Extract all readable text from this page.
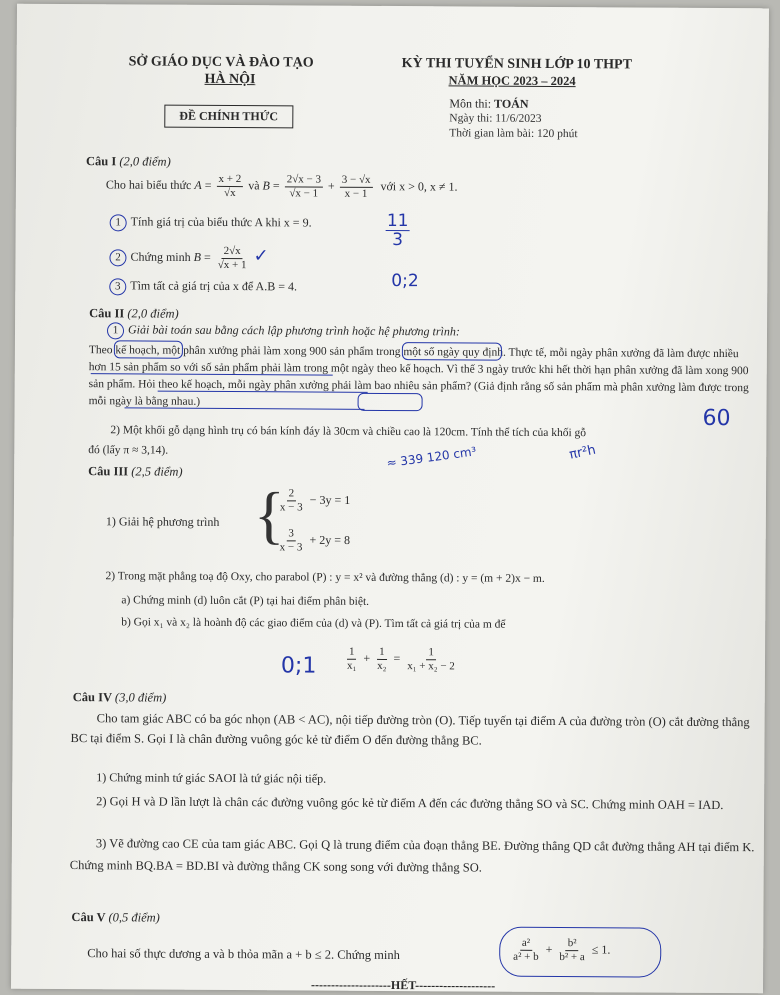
SỞ GIÁO DỤC VÀ ĐÀO TẠO
HÀ NỘI
ĐỀ CHÍNH THỨC
KỲ THI TUYỂN SINH LỚP 10 THPT
NĂM HỌC 2023 – 2024
Môn thi: TOÁN
Ngày thi: 11/6/2023
Thời gian làm bài: 120 phút
Câu I (2,0 điểm)
Cho hai biểu thức $A = \frac{x + 2}{√x}$ và $B = \frac{2√x - 3}{√x - 1} + \frac{3 - √x}{x - 1}$ với x > 0, x ≠ 1.
1 Tính giá trị của biểu thức A khi x = 9.
2 Chứng minh $B = \frac{2√x}{√x + 1}$ ✓
3 Tìm tất cả giá trị của x để A.B = 4.
$\frac{11}{3}$
0;2
Câu II (2,0 điểm)
1 Giải bài toán sau bằng cách lập phương trình hoặc hệ phương trình:
Theo kế hoạch, một phân xưởng phải làm xong 900 sản phẩm trong một số ngày quy định. Thực tế, mỗi ngày phân xưởng đã làm được nhiều hơn 15 sản phẩm so với số sản phẩm phải làm trong một ngày theo kế hoạch. Vì thế 3 ngày trước khi hết thời hạn phân xưởng đã làm xong 900 sản phẩm. Hỏi theo kế hoạch, mỗi ngày phân xưởng phải làm bao nhiêu sản phẩm? (Giả định rằng số sản phẩm mà phân xưởng làm được trong mỗi ngày là bằng nhau.)
60
2) Một khối gỗ dạng hình trụ có bán kính đáy là 30cm và chiều cao là 120cm. Tính thể tích của khối gỗ
đó (lấy π ≈ 3,14).	≈ 339 120 cm³	πr²h
Câu III (2,5 điểm)
1) Giải hệ phương trình {
$\frac{2}{x - 3} - 3y = 1$
$\frac{3}{x - 3} + 2y = 8$
2) Trong mặt phẳng toạ độ Oxy, cho parabol (P) : y = x² và đường thẳng (d) : y = (m + 2)x − m.
a) Chứng minh (d) luôn cắt (P) tại hai điểm phân biệt.
b) Gọi x₁ và x₂ là hoành độ các giao điểm của (d) và (P). Tìm tất cả giá trị của m để
0;1	$\frac{1}{\text{x₁}} + \frac{1}{\text{x₂}} = \frac{1}{\text{x₁ + x₂ − 2}}$
Câu IV (3,0 điểm)
Cho tam giác ABC có ba góc nhọn (AB < AC), nội tiếp đường tròn (O). Tiếp tuyến tại điểm A của đường tròn (O) cắt đường thẳng BC tại điểm S. Gọi I là chân đường vuông góc kẻ từ điểm O đến đường thẳng BC.
1) Chứng minh tứ giác SAOI là tứ giác nội tiếp.
2) Gọi H và D lần lượt là chân các đường vuông góc kẻ từ điểm A đến các đường thẳng SO và SC. Chứng minh OAH = IAD.
3) Vẽ đường cao CE của tam giác ABC. Gọi Q là trung điểm của đoạn thẳng BE. Đường thẳng QD cắt đường thẳng AH tại điểm K. Chứng minh BQ.BA = BD.BI và đường thẳng CK song song với đường thẳng SO.
Câu V (0,5 điểm)
Cho hai số thực dương a và b thỏa mãn a + b ≤ 2. Chứng minh	$\frac{\text{a²}}{\text{a² + b}} + \frac{\text{b²}}{\text{b² + a}} \le 1$.
--------------------HẾT--------------------
